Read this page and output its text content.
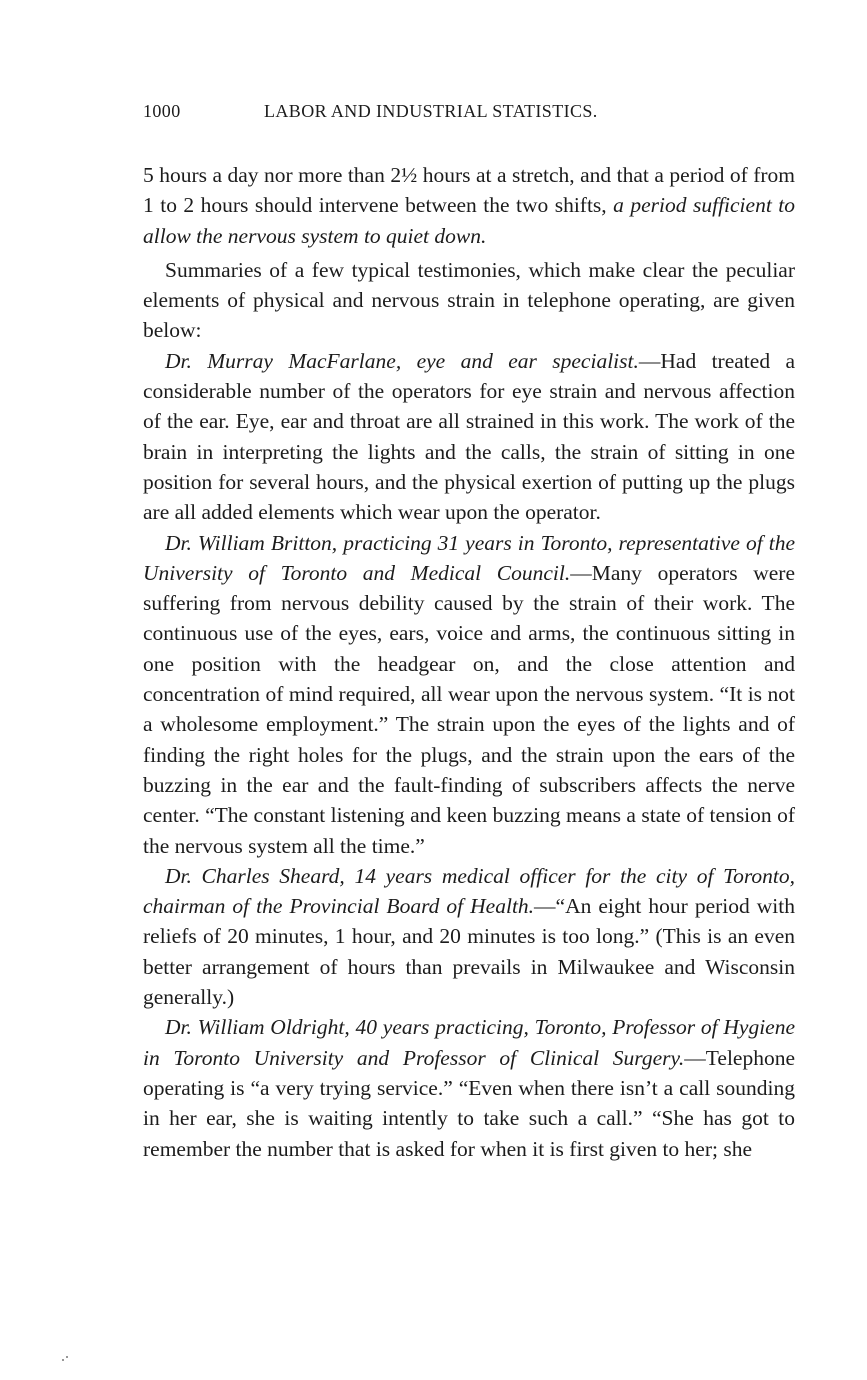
1000	LABOR AND INDUSTRIAL STATISTICS.

5 hours a day nor more than 2½ hours at a stretch, and that a period of from 1 to 2 hours should intervene between the two shifts, a period sufficient to allow the nervous system to quiet down.

Summaries of a few typical testimonies, which make clear the peculiar elements of physical and nervous strain in telephone operating, are given below:

Dr. Murray MacFarlane, eye and ear specialist.—Had treated a considerable number of the operators for eye strain and nervous affection of the ear. Eye, ear and throat are all strained in this work. The work of the brain in interpreting the lights and the calls, the strain of sitting in one position for several hours, and the physical exertion of putting up the plugs are all added elements which wear upon the operator.

Dr. William Britton, practicing 31 years in Toronto, representative of the University of Toronto and Medical Council.—Many operators were suffering from nervous debility caused by the strain of their work. The continuous use of the eyes, ears, voice and arms, the continuous sitting in one position with the headgear on, and the close attention and concentration of mind required, all wear upon the nervous system. “It is not a wholesome employment.” The strain upon the eyes of the lights and of finding the right holes for the plugs, and the strain upon the ears of the buzzing in the ear and the fault-finding of subscribers affects the nerve center. “The constant listening and keen buzzing means a state of tension of the nervous system all the time.”

Dr. Charles Sheard, 14 years medical officer for the city of Toronto, chairman of the Provincial Board of Health.—“An eight hour period with reliefs of 20 minutes, 1 hour, and 20 minutes is too long.” (This is an even better arrangement of hours than prevails in Milwaukee and Wisconsin generally.)

Dr. William Oldright, 40 years practicing, Toronto, Professor of Hygiene in Toronto University and Professor of Clinical Surgery.—Telephone operating is “a very trying service.” “Even when there isn’t a call sounding in her ear, she is waiting intently to take such a call.” “She has got to remember the number that is asked for when it is first given to her; she
